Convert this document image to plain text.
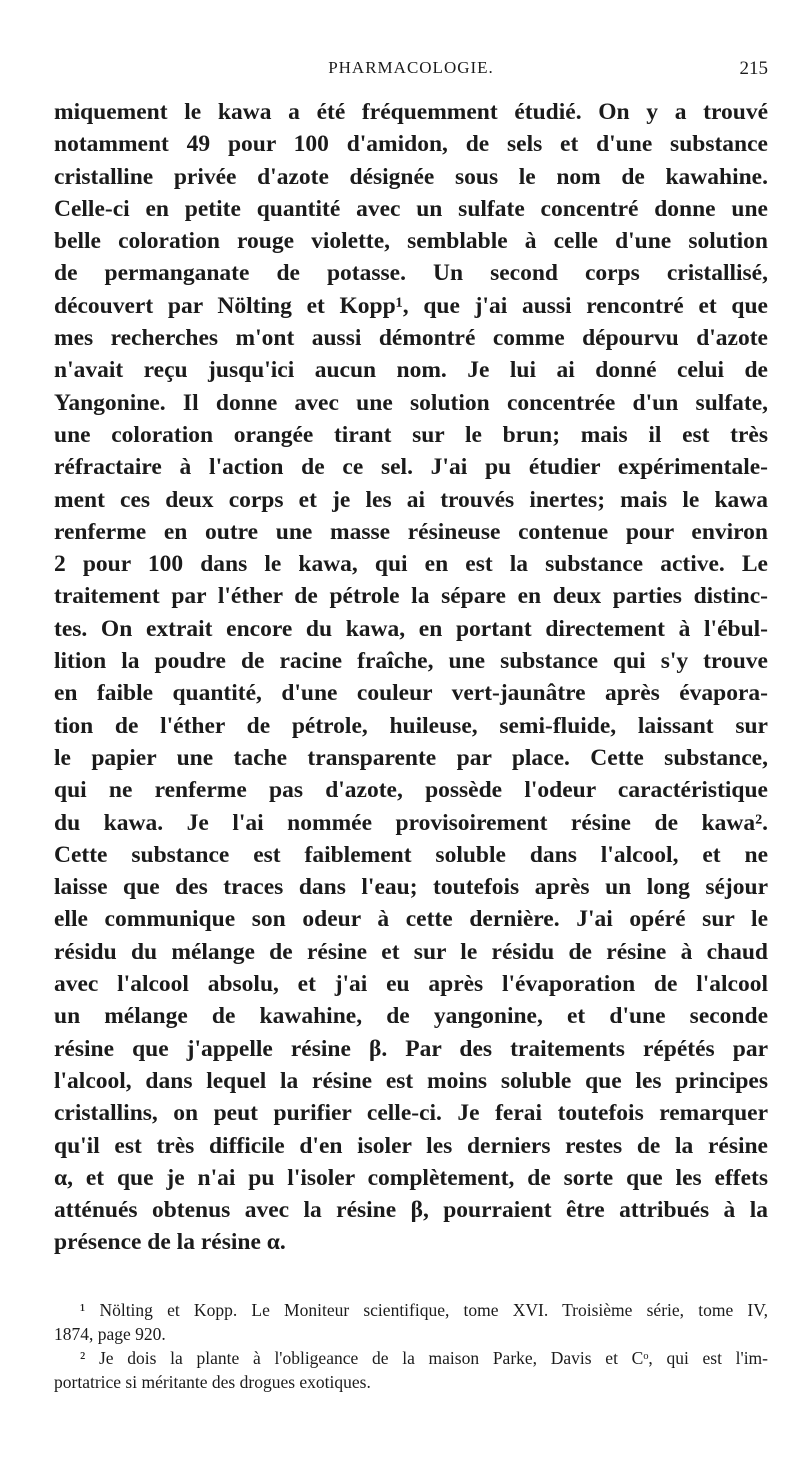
PHARMACOLOGIE.	215
miquement le kawa a été fréquemment étudié. On y a trouvé
notamment 49 pour 100 d'amidon, de sels et d'une substance
cristalline privée d'azote désignée sous le nom de kawahine.
Celle-ci en petite quantité avec un sulfate concentré donne une
belle coloration rouge violette, semblable à celle d'une solution
de permanganate de potasse. Un second corps cristallisé,
découvert par Nölting et Kopp¹, que j'ai aussi rencontré et que
mes recherches m'ont aussi démontré comme dépourvu d'azote
n'avait reçu jusqu'ici aucun nom. Je lui ai donné celui de
Yangonine. Il donne avec une solution concentrée d'un sulfate,
une coloration orangée tirant sur le brun; mais il est très
réfractaire à l'action de ce sel. J'ai pu étudier expérimentale-
ment ces deux corps et je les ai trouvés inertes; mais le kawa
renferme en outre une masse résineuse contenue pour environ
2 pour 100 dans le kawa, qui en est la substance active. Le
traitement par l'éther de pétrole la sépare en deux parties distinc-
tes. On extrait encore du kawa, en portant directement à l'ébul-
lition la poudre de racine fraîche, une substance qui s'y trouve
en faible quantité, d'une couleur vert-jaunâtre après évapora-
tion de l'éther de pétrole, huileuse, semi-fluide, laissant sur
le papier une tache transparente par place. Cette substance,
qui ne renferme pas d'azote, possède l'odeur caractéristique
du kawa. Je l'ai nommée provisoirement résine de kawa².
Cette substance est faiblement soluble dans l'alcool, et ne
laisse que des traces dans l'eau; toutefois après un long séjour
elle communique son odeur à cette dernière. J'ai opéré sur le
résidu du mélange de résine et sur le résidu de résine à chaud
avec l'alcool absolu, et j'ai eu après l'évaporation de l'alcool
un mélange de kawahine, de yangonine, et d'une seconde
résine que j'appelle résine β. Par des traitements répétés par
l'alcool, dans lequel la résine est moins soluble que les principes
cristallins, on peut purifier celle-ci. Je ferai toutefois remarquer
qu'il est très difficile d'en isoler les derniers restes de la résine
α, et que je n'ai pu l'isoler complètement, de sorte que les effets
atténués obtenus avec la résine β, pourraient être attribués à la
présence de la résine α.
¹ Nölting et Kopp. Le Moniteur scientifique, tome XVI. Troisième série, tome IV,
1874, page 920.
² Je dois la plante à l'obligeance de la maison Parke, Davis et Cᵒ, qui est l'im-
portatrice si méritante des drogues exotiques.
